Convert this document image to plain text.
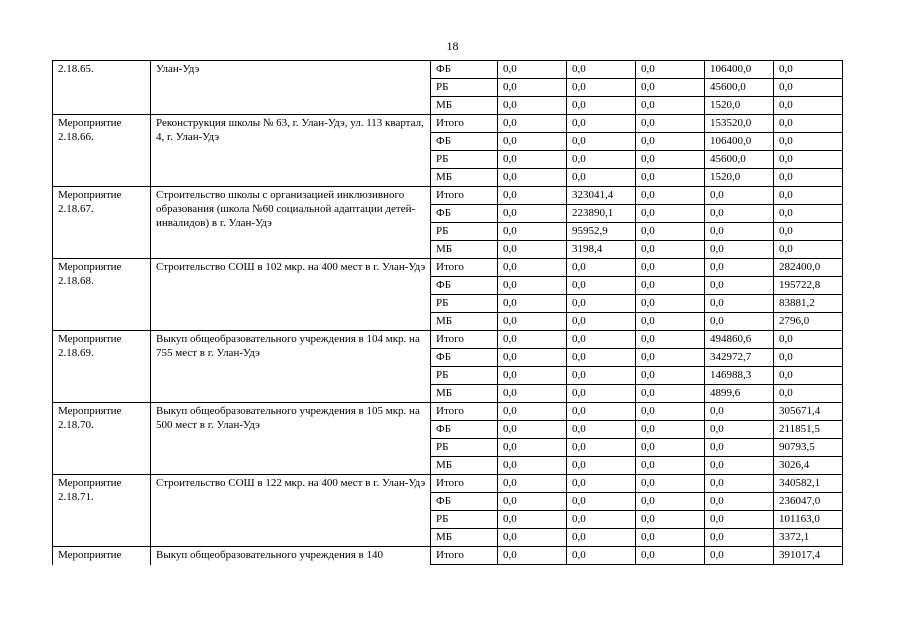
18
2.18.65.	Улан-Удэ	ФБ	0,0	0,0	0,0	106400,0	0,0
		РБ	0,0	0,0	0,0	45600,0	0,0
		МБ	0,0	0,0	0,0	1520,0	0,0
Мероприятие 2.18.66.	Реконструкция школы № 63, г. Улан-Удэ, ул. 113 квартал, 4, г. Улан-Удэ	Итого	0,0	0,0	0,0	153520,0	0,0
		ФБ	0,0	0,0	0,0	106400,0	0,0
		РБ	0,0	0,0	0,0	45600,0	0,0
		МБ	0,0	0,0	0,0	1520,0	0,0
Мероприятие 2.18.67.	Строительство школы с организацией инклюзивного образования (школа №60 социальной адаптации детей-инвалидов) в г. Улан-Удэ	Итого	0,0	323041,4	0,0	0,0	0,0
		ФБ	0,0	223890,1	0,0	0,0	0,0
		РБ	0,0	95952,9	0,0	0,0	0,0
		МБ	0,0	3198,4	0,0	0,0	0,0
Мероприятие 2.18.68.	Строительство СОШ в 102 мкр. на 400 мест в г. Улан-Удэ	Итого	0,0	0,0	0,0	0,0	282400,0
		ФБ	0,0	0,0	0,0	0,0	195722,8
		РБ	0,0	0,0	0,0	0,0	83881,2
		МБ	0,0	0,0	0,0	0,0	2796,0
Мероприятие 2.18.69.	Выкуп общеобразовательного учреждения в 104 мкр. на 755 мест в г. Улан-Удэ	Итого	0,0	0,0	0,0	494860,6	0,0
		ФБ	0,0	0,0	0,0	342972,7	0,0
		РБ	0,0	0,0	0,0	146988,3	0,0
		МБ	0,0	0,0	0,0	4899,6	0,0
Мероприятие 2.18.70.	Выкуп общеобразовательного учреждения в 105 мкр. на 500 мест в г. Улан-Удэ	Итого	0,0	0,0	0,0	0,0	305671,4
		ФБ	0,0	0,0	0,0	0,0	211851,5
		РБ	0,0	0,0	0,0	0,0	90793,5
		МБ	0,0	0,0	0,0	0,0	3026,4
Мероприятие 2.18.71.	Строительство СОШ в 122 мкр. на 400 мест в г. Улан-Удэ	Итого	0,0	0,0	0,0	0,0	340582,1
		ФБ	0,0	0,0	0,0	0,0	236047,0
		РБ	0,0	0,0	0,0	0,0	101163,0
		МБ	0,0	0,0	0,0	0,0	3372,1
Мероприятие	Выкуп общеобразовательного учреждения в 140	Итого	0,0	0,0	0,0	0,0	391017,4
